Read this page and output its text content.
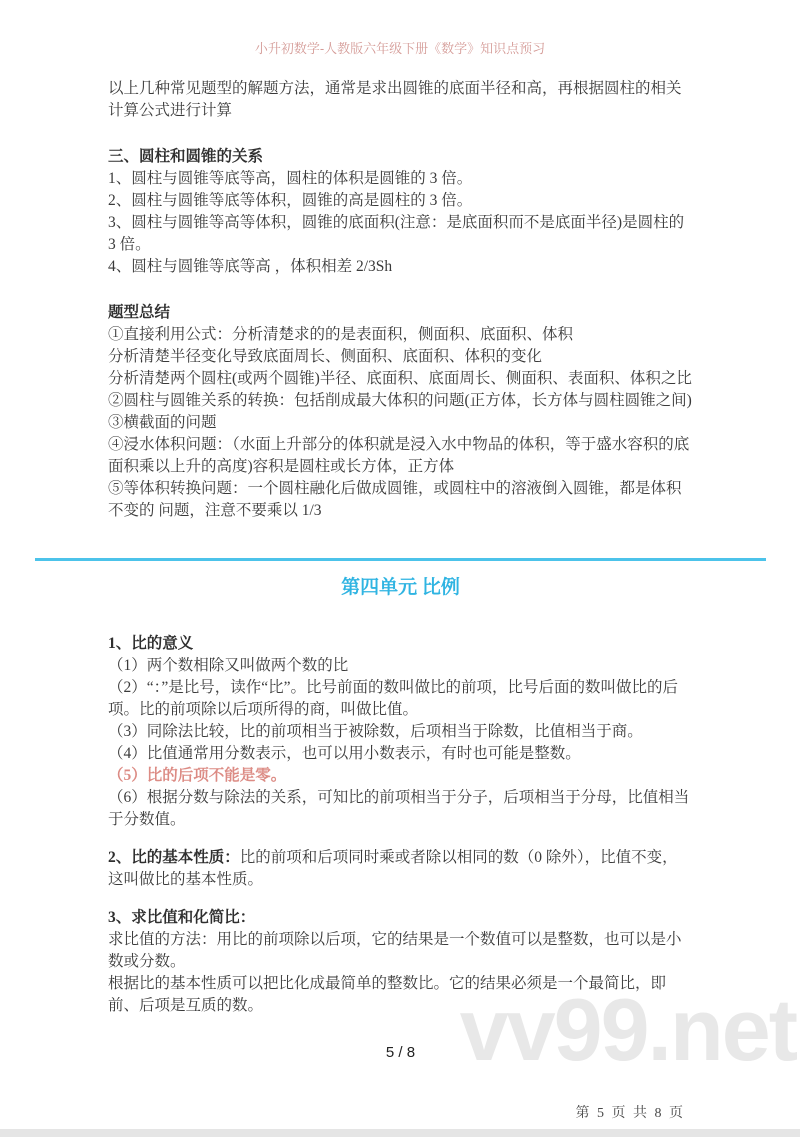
小升初数学-人教版六年级下册《数学》知识点预习
vv99.net

以上几种常见题型的解题方法，通常是求出圆锥的底面半径和高，再根据圆柱的相关计算公式进行计算

三、圆柱和圆锥的关系

1、圆柱与圆锥等底等高，圆柱的体积是圆锥的 3 倍。

2、圆柱与圆锥等底等体积，圆锥的高是圆柱的 3 倍。

3、圆柱与圆锥等高等体积，圆锥的底面积(注意：是底面积而不是底面半径)是圆柱的 3 倍。

4、圆柱与圆锥等底等高 ，体积相差 2/3Sh

题型总结

①直接利用公式：分析清楚求的的是表面积，侧面积、底面积、体积

分析清楚半径变化导致底面周长、侧面积、底面积、体积的变化

分析清楚两个圆柱(或两个圆锥)半径、底面积、底面周长、侧面积、表面积、体积之比

②圆柱与圆锥关系的转换：包括削成最大体积的问题(正方体，长方体与圆柱圆锥之间)

③横截面的问题

④浸水体积问题：（水面上升部分的体积就是浸入水中物品的体积，等于盛水容积的底面积乘以上升的高度)容积是圆柱或长方体，正方体

⑤等体积转换问题：一个圆柱融化后做成圆锥，或圆柱中的溶液倒入圆锥，都是体积不变的 问题，注意不要乘以 1/3

第四单元 比例

1、比的意义

（1）两个数相除又叫做两个数的比

（2）“：”是比号，读作“比”。比号前面的数叫做比的前项，比号后面的数叫做比的后项。比的前项除以后项所得的商，叫做比值。

（3）同除法比较，比的前项相当于被除数，后项相当于除数，比值相当于商。

（4）比值通常用分数表示，也可以用小数表示，有时也可能是整数。

（5）比的后项不能是零。

（6）根据分数与除法的关系，可知比的前项相当于分子，后项相当于分母，比值相当于分数值。

2、比的基本性质：比的前项和后项同时乘或者除以相同的数（0 除外），比值不变，这叫做比的基本性质。

3、求比值和化简比：

求比值的方法：用比的前项除以后项，它的结果是一个数值可以是整数，也可以是小数或分数。

根据比的基本性质可以把比化成最简单的整数比。它的结果必须是一个最简比，即前、后项是互质的数。

5 / 8
第 5 页 共 8 页
